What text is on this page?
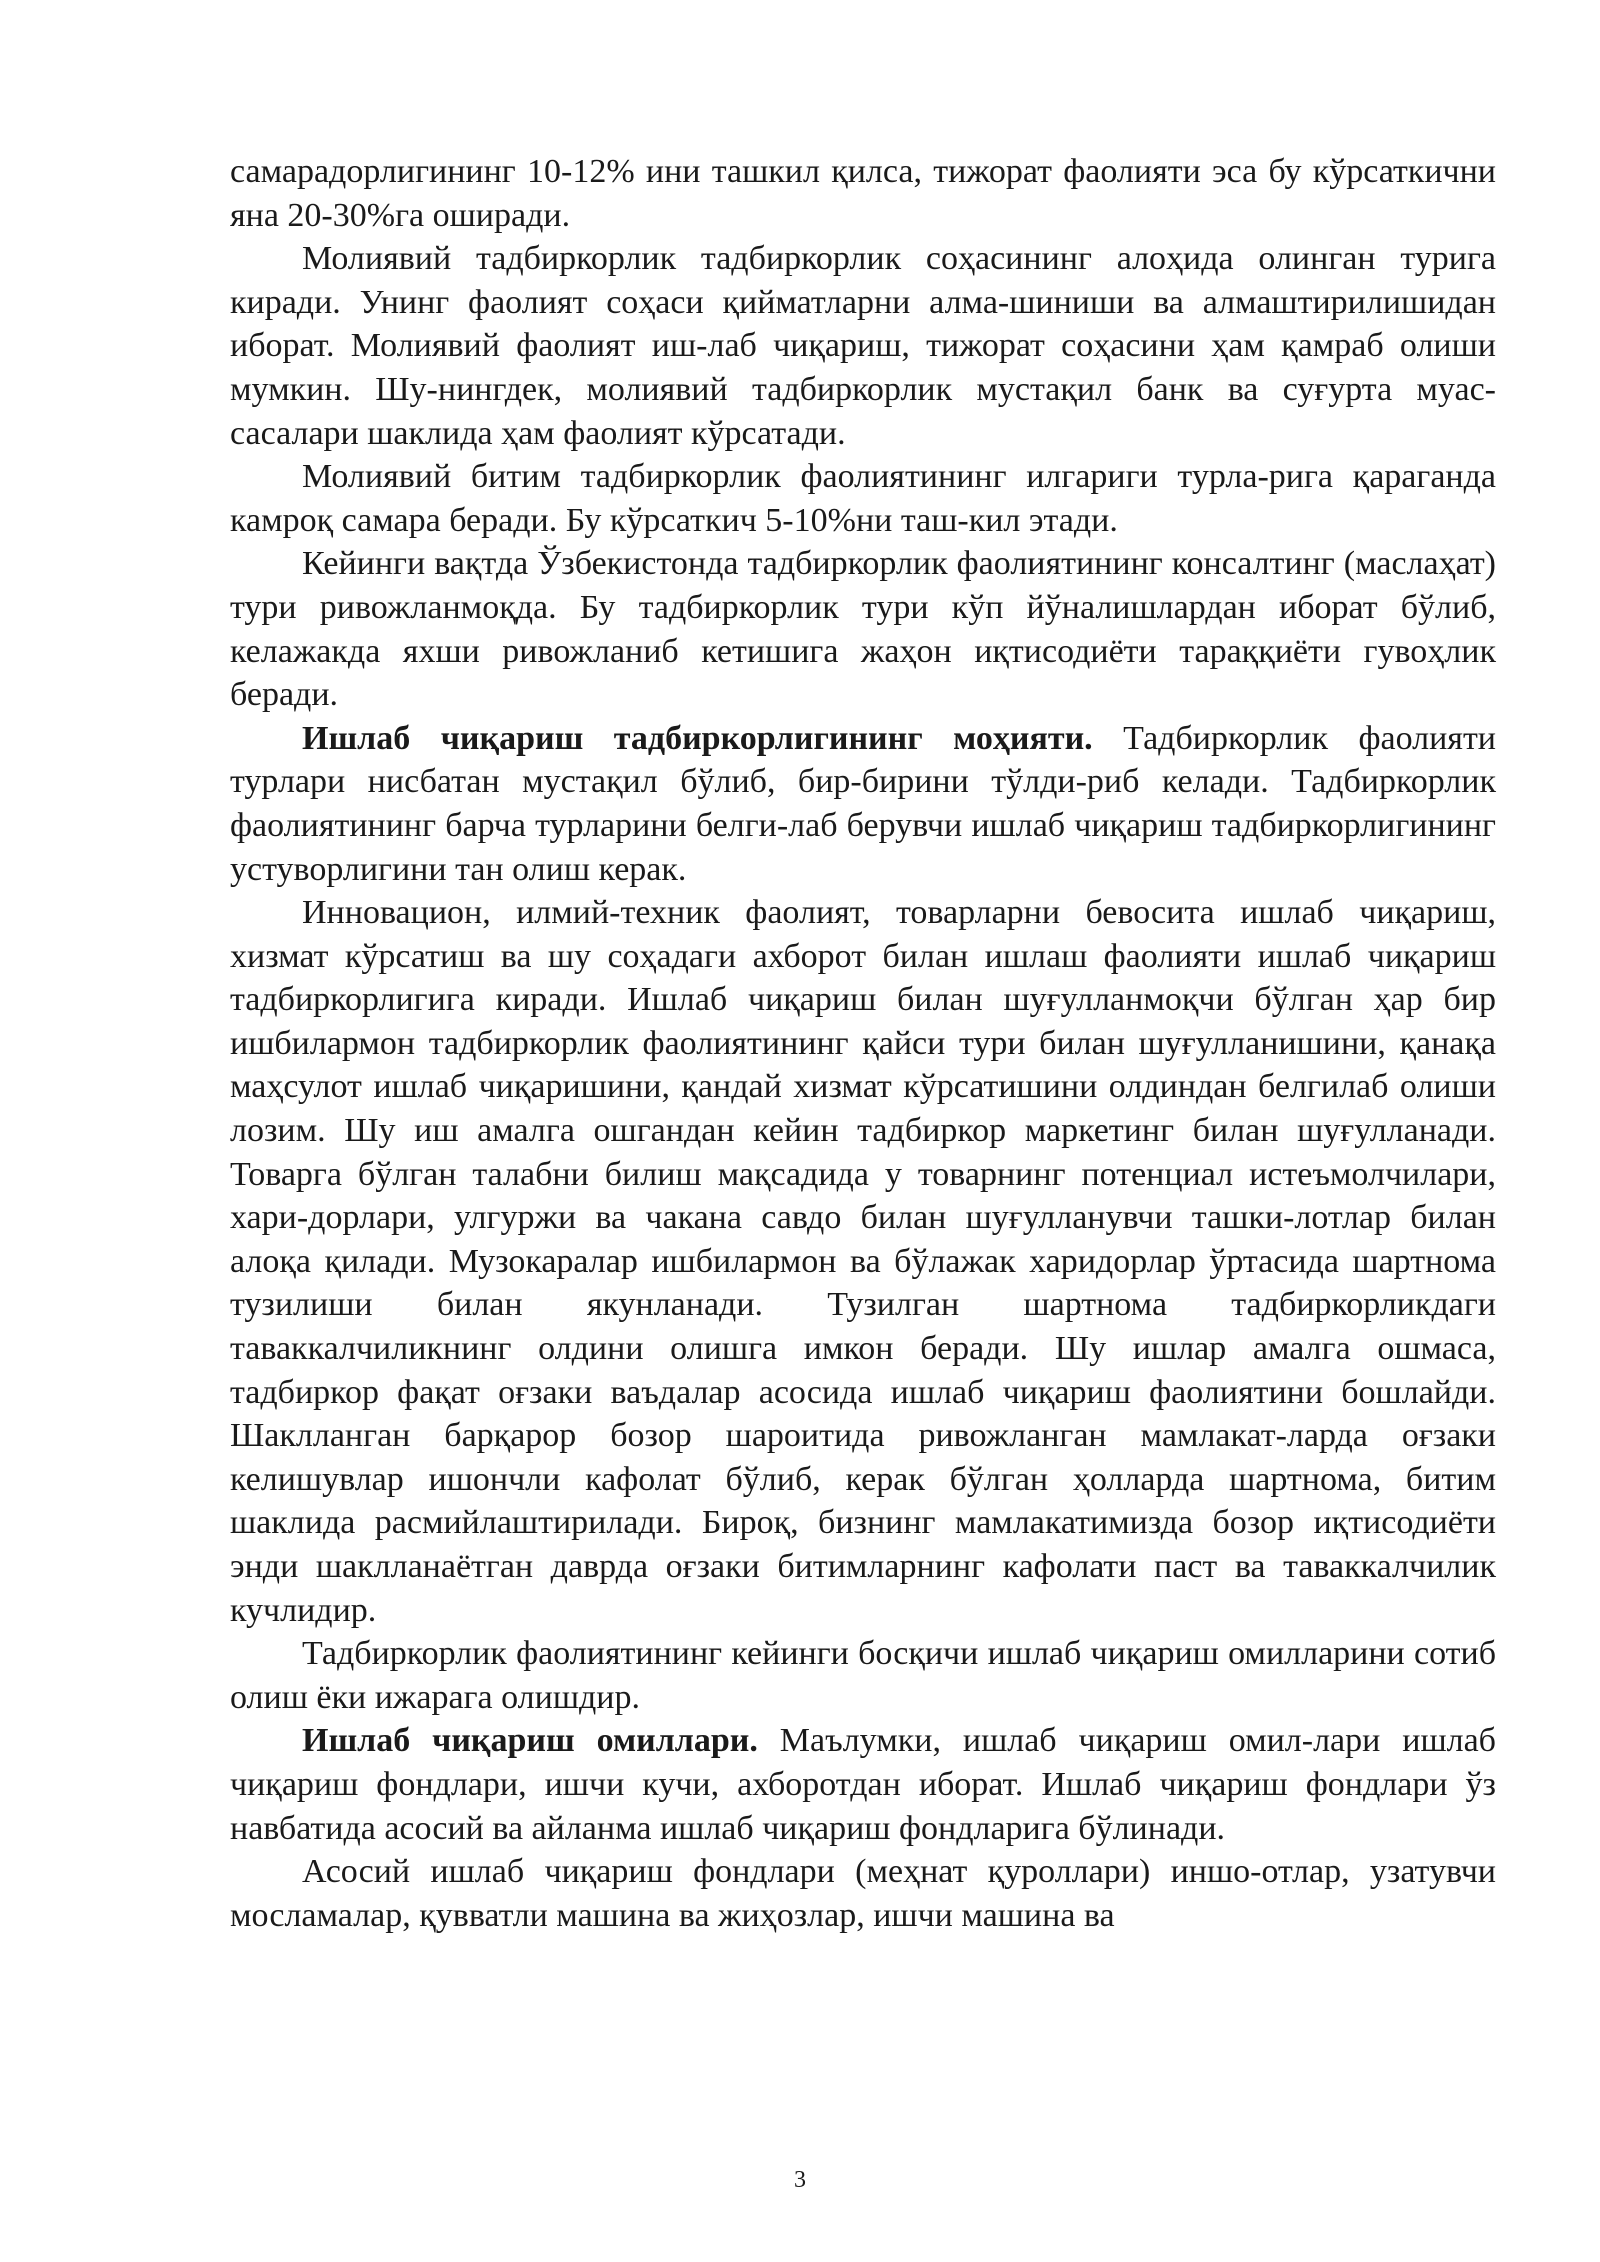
самарадорлигининг 10-12% ини ташкил қилса, тижорат фаолияти эса бу кўрсаткични яна 20-30%га оширади.

Молиявий тадбиркорлик тадбиркорлик соҳасининг алоҳида олинган турига киради. Унинг фаолият соҳаси қийматларни алма-шиниши ва алмаштирилишидан иборат. Молиявий фаолият иш-лаб чиқариш, тижорат соҳасини ҳам қамраб олиши мумкин. Шу-нингдек, молиявий тадбиркорлик мустақил банк ва суғурта муас-сасалари шаклида ҳам фаолият кўрсатади.

Молиявий битим тадбиркорлик фаолиятининг илгариги турла-рига қараганда камроқ самара беради. Бу кўрсаткич 5-10%ни таш-кил этади.

Кейинги вақтда Ўзбекистонда тадбиркорлик фаолиятининг консалтинг (маслаҳат) тури ривожланмоқда. Бу тадбиркорлик тури кўп йўналишлардан иборат бўлиб, келажакда яхши ривожланиб кетишига жаҳон иқтисодиёти тараққиёти гувоҳлик беради.

Ишлаб чиқариш тадбиркорлигининг моҳияти. Тадбиркорлик фаолияти турлари нисбатан мустақил бўлиб, бир-бирини тўлди-риб келади. Тадбиркорлик фаолиятининг барча турларини белги-лаб берувчи ишлаб чиқариш тадбиркорлигининг устуворлигини тан олиш керак.

Инновацион, илмий-техник фаолият, товарларни бевосита ишлаб чиқариш, хизмат кўрсатиш ва шу соҳадаги ахборот билан ишлаш фаолияти ишлаб чиқариш тадбиркорлигига киради. Ишлаб чиқариш билан шуғулланмоқчи бўлган ҳар бир ишбилармон тадбиркорлик фаолиятининг қайси тури билан шуғулланишини, қанақа маҳсулот ишлаб чиқаришини, қандай хизмат кўрсатишини олдиндан белгилаб олиши лозим. Шу иш амалга ошгандан кейин тадбиркор маркетинг билан шуғулланади. Товарга бўлган талабни билиш мақсадида у товарнинг потенциал истеъмолчилари, хари-дорлари, улгуржи ва чакана савдо билан шуғулланувчи ташки-лотлар билан алоқа қилади. Музокаралар ишбилармон ва бўлажак харидорлар ўртасида шартнома тузилиши билан якунланади. Тузилган шартнома тадбиркорликдаги таваккалчиликнинг олдини олишга имкон беради. Шу ишлар амалга ошмаса, тадбиркор фақат оғзаки ваъдалар асосида ишлаб чиқариш фаолиятини бошлайди. Шаклланган барқарор бозор шароитида ривожланган мамлакат-ларда оғзаки келишувлар ишончли кафолат бўлиб, керак бўлган ҳолларда шартнома, битим шаклида расмийлаштирилади. Бироқ, бизнинг мамлакатимизда бозор иқтисодиёти энди шаклланаётган даврда оғзаки битимларнинг кафолати паст ва таваккалчилик кучлидир.

Тадбиркорлик фаолиятининг кейинги босқичи ишлаб чиқариш омилларини сотиб олиш ёки ижарага олишдир.

Ишлаб чиқариш омиллари. Маълумки, ишлаб чиқариш омил-лари ишлаб чиқариш фондлари, ишчи кучи, ахборотдан иборат. Ишлаб чиқариш фондлари ўз навбатида асосий ва айланма ишлаб чиқариш фондларига бўлинади.

Асосий ишлаб чиқариш фондлари (меҳнат қуроллари) иншо-отлар, узатувчи мосламалар, қувватли машина ва жиҳозлар, ишчи машина ва

3
